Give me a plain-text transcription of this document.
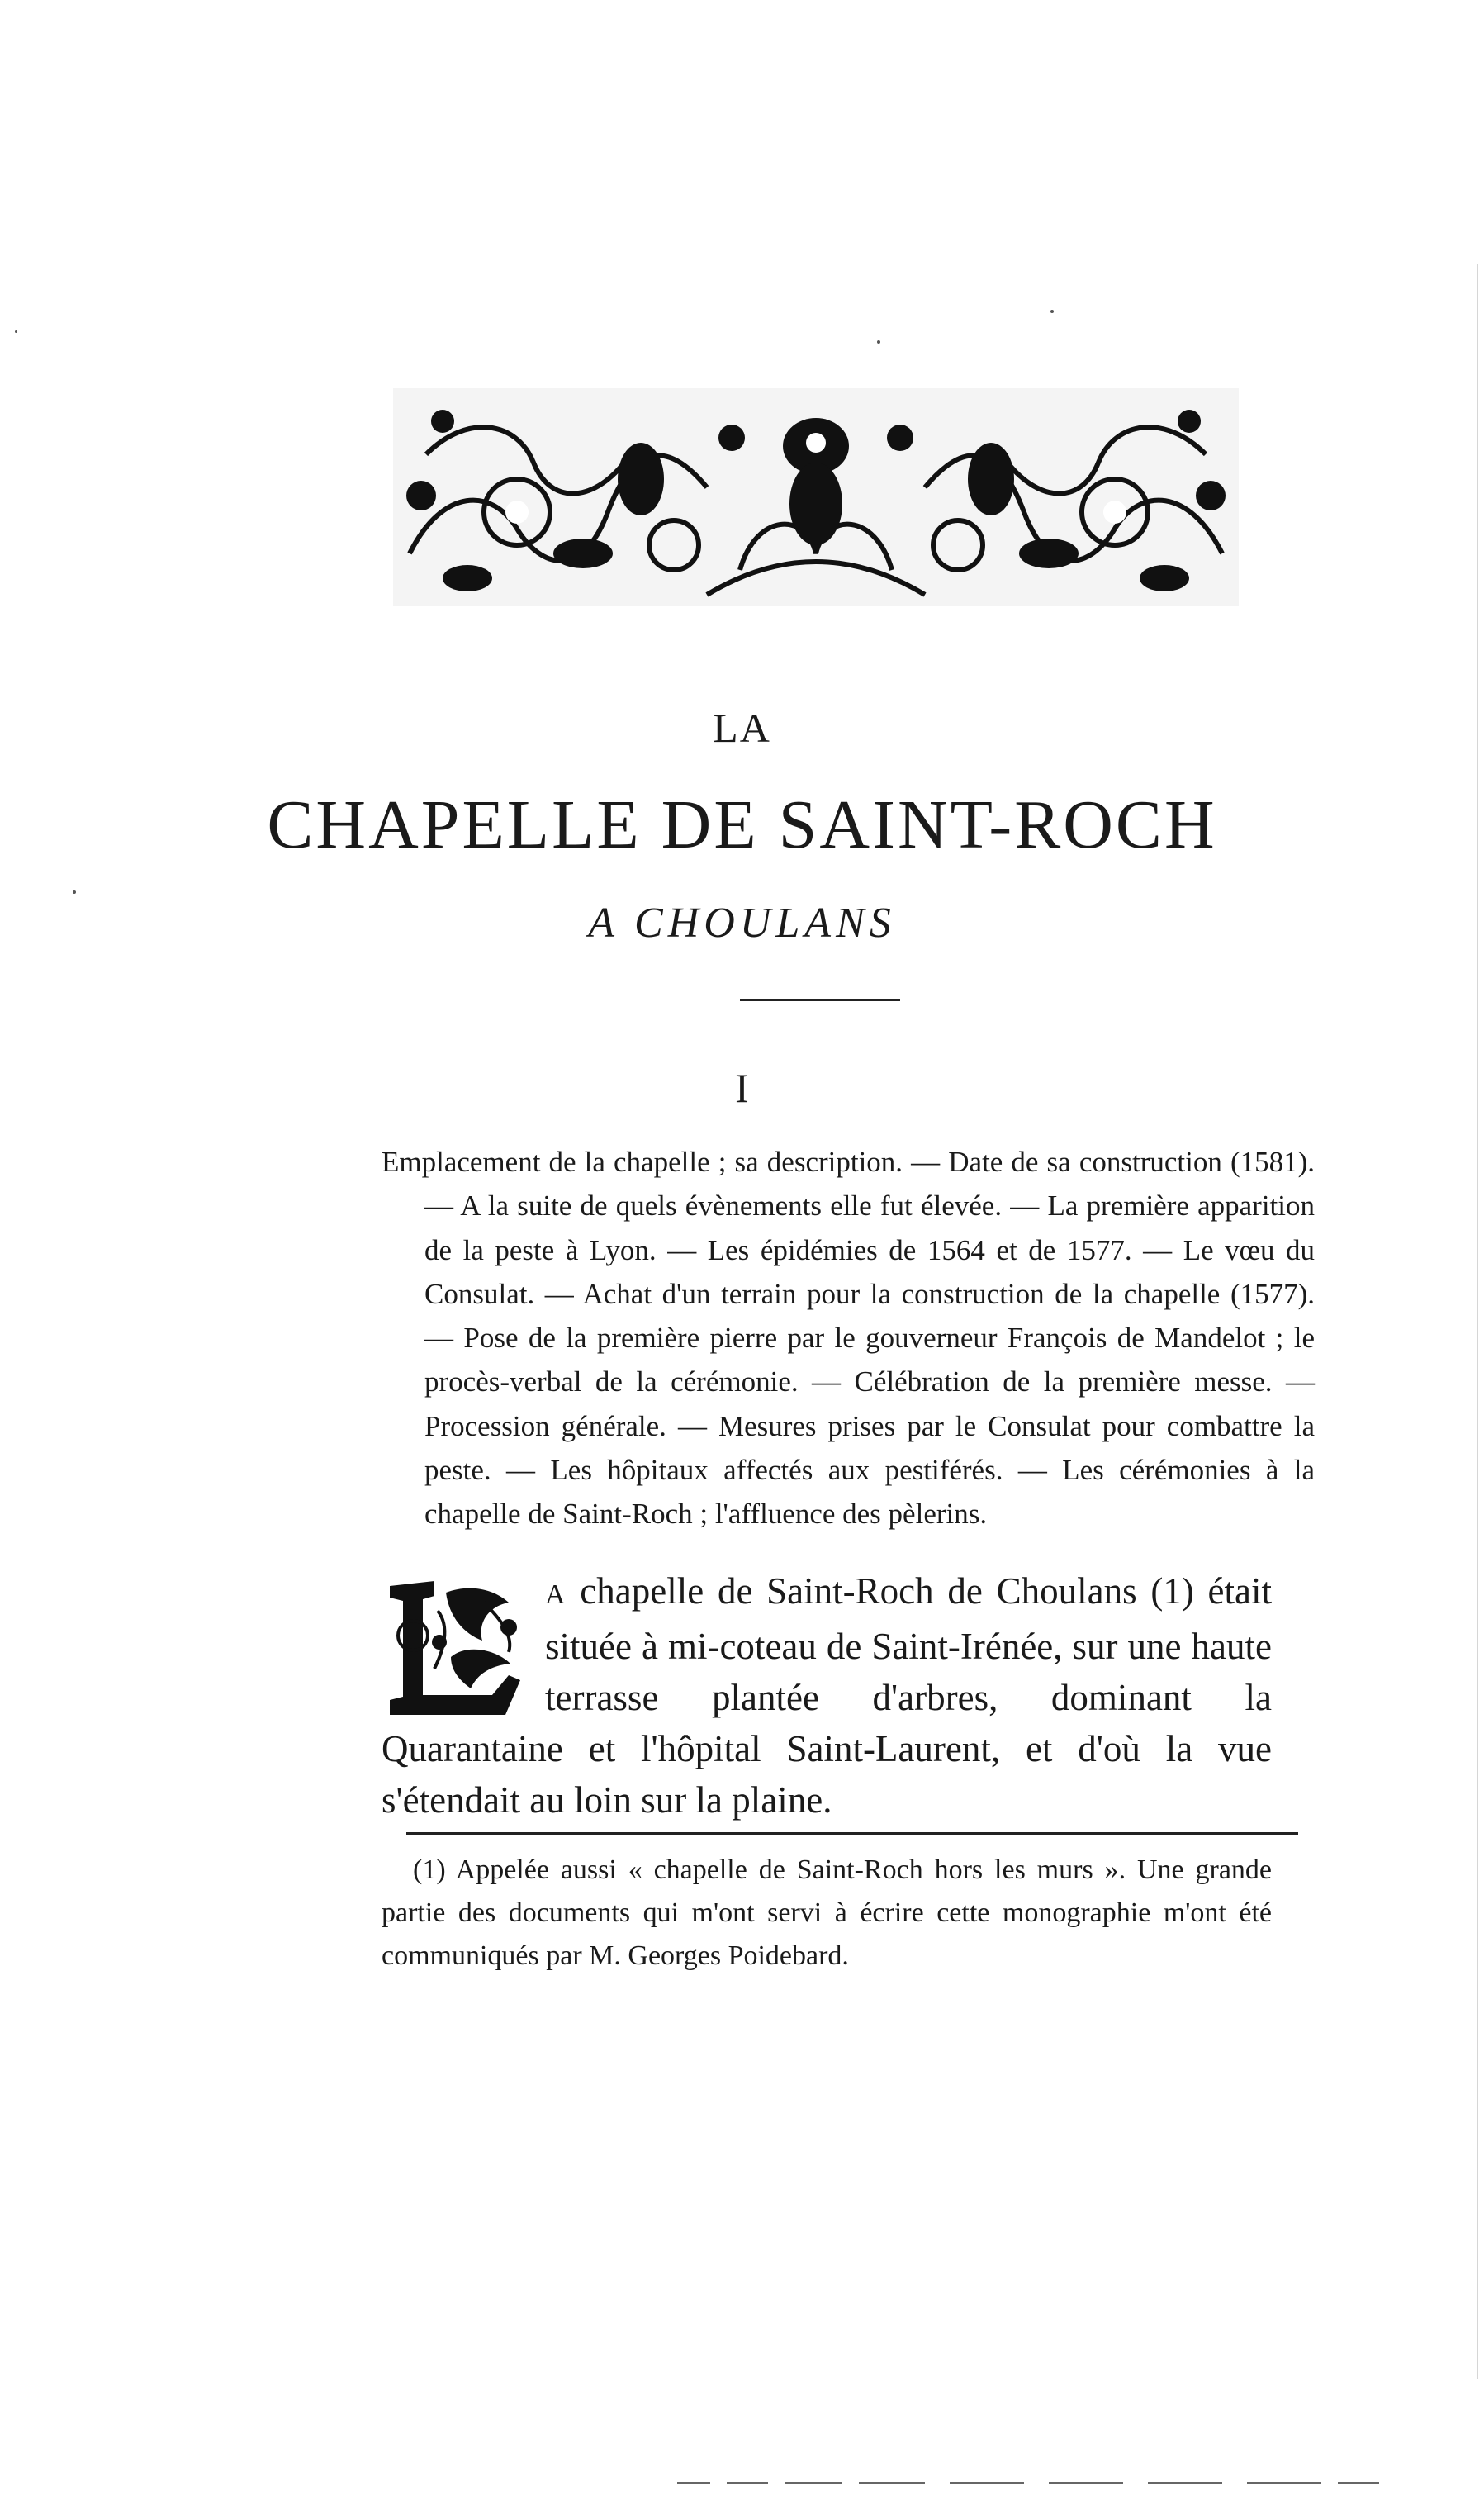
LA
CHAPELLE DE SAINT-ROCH
A CHOULANS
I

Emplacement de la chapelle ; sa description. — Date de sa construction (1581). — A la suite de quels évènements elle fut élevée. — La première apparition de la peste à Lyon. — Les épidémies de 1564 et de 1577. — Le vœu du Consulat. — Achat d'un terrain pour la construction de la chapelle (1577). — Pose de la première pierre par le gouverneur François de Mandelot ; le procès-verbal de la cérémonie. — Célébration de la première messe. — Procession générale. — Mesures prises par le Consulat pour combattre la peste. — Les hôpitaux affectés aux pestiférés. — Les cérémonies à la chapelle de Saint-Roch ; l'affluence des pèlerins.

A chapelle de Saint-Roch de Choulans (1) était située à mi-coteau de Saint-Irénée, sur une haute terrasse plantée d'arbres, dominant la Quarantaine et l'hôpital Saint-Laurent, et d'où la vue s'étendait au loin sur la plaine.

(1) Appelée aussi « chapelle de Saint-Roch hors les murs ». Une grande partie des documents qui m'ont servi à écrire cette monographie m'ont été communiqués par M. Georges Poidebard.
